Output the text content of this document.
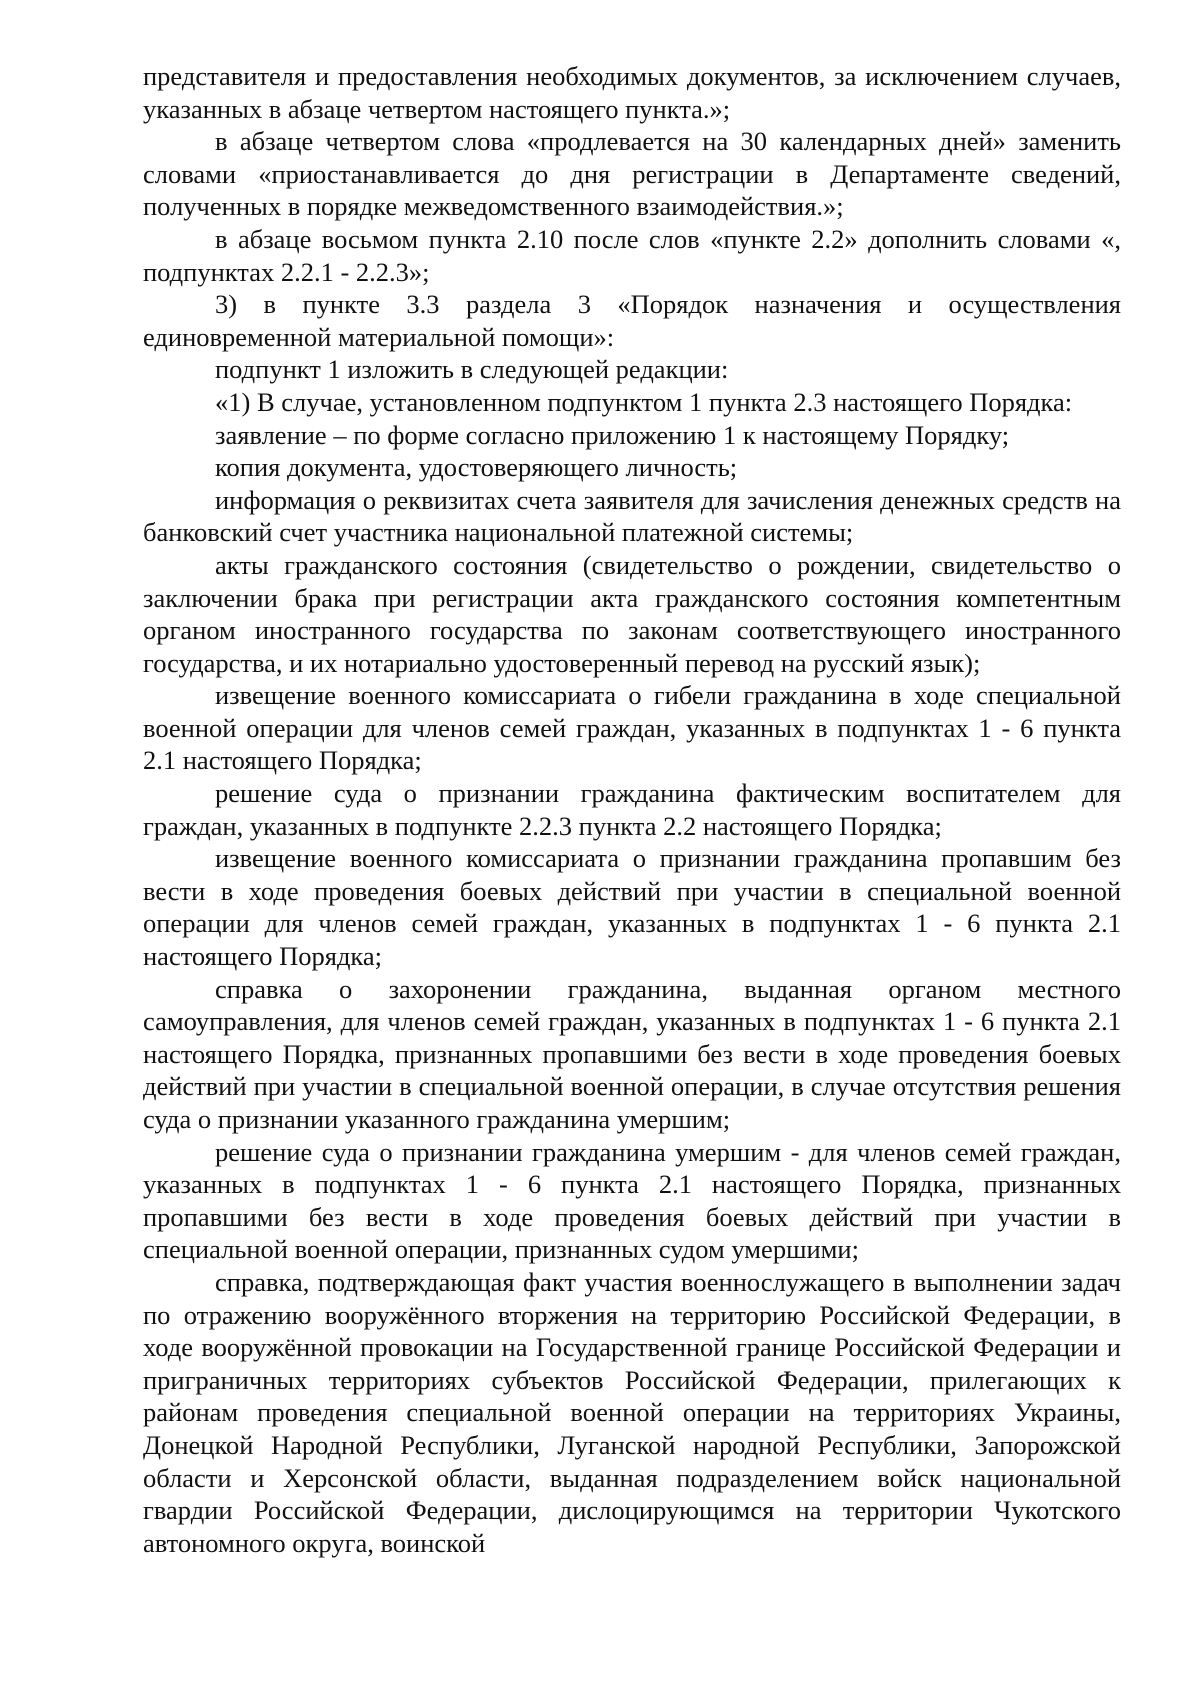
представителя и предоставления необходимых документов, за исключением случаев, указанных в абзаце четвертом настоящего пункта.»;

в абзаце четвертом слова «продлевается на 30 календарных дней» заменить словами «приостанавливается до дня регистрации в Департаменте сведений, полученных в порядке межведомственного взаимодействия.»;

в абзаце восьмом пункта 2.10 после слов «пункте 2.2» дополнить словами «, подпунктах 2.2.1 - 2.2.3»;

3) в пункте 3.3 раздела 3 «Порядок назначения и осуществления единовременной материальной помощи»:

подпункт 1 изложить в следующей редакции:

«1) В случае, установленном подпунктом 1 пункта 2.3 настоящего Порядка:

заявление – по форме согласно приложению 1 к настоящему Порядку;

копия документа, удостоверяющего личность;

информация о реквизитах счета заявителя для зачисления денежных средств на банковский счет участника национальной платежной системы;

акты гражданского состояния (свидетельство о рождении, свидетельство о заключении брака при регистрации акта гражданского состояния компетентным органом иностранного государства по законам соответствующего иностранного государства, и их нотариально удостоверенный перевод на русский язык);

извещение военного комиссариата о гибели гражданина в ходе специальной военной операции для членов семей граждан, указанных в подпунктах 1 - 6 пункта 2.1 настоящего Порядка;

решение суда о признании гражданина фактическим воспитателем для граждан, указанных в подпункте 2.2.3 пункта 2.2 настоящего Порядка;

извещение военного комиссариата о признании гражданина пропавшим без вести в ходе проведения боевых действий при участии в специальной военной операции для членов семей граждан, указанных в подпунктах 1 - 6 пункта 2.1 настоящего Порядка;

справка о захоронении гражданина, выданная органом местного самоуправления, для членов семей граждан, указанных в подпунктах 1 - 6 пункта 2.1 настоящего Порядка, признанных пропавшими без вести в ходе проведения боевых действий при участии в специальной военной операции, в случае отсутствия решения суда о признании указанного гражданина умершим;

решение суда о признании гражданина умершим - для членов семей граждан, указанных в подпунктах 1 - 6 пункта 2.1 настоящего Порядка, признанных пропавшими без вести в ходе проведения боевых действий при участии в специальной военной операции, признанных судом умершими;

справка, подтверждающая факт участия военнослужащего в выполнении задач по отражению вооружённого вторжения на территорию Российской Федерации, в ходе вооружённой провокации на Государственной границе Российской Федерации и приграничных территориях субъектов Российской Федерации, прилегающих к районам проведения специальной военной операции на территориях Украины, Донецкой Народной Республики, Луганской народной Республики, Запорожской области и Херсонской области, выданная подразделением войск национальной гвардии Российской Федерации, дислоцирующимся на территории Чукотского автономного округа, воинской
